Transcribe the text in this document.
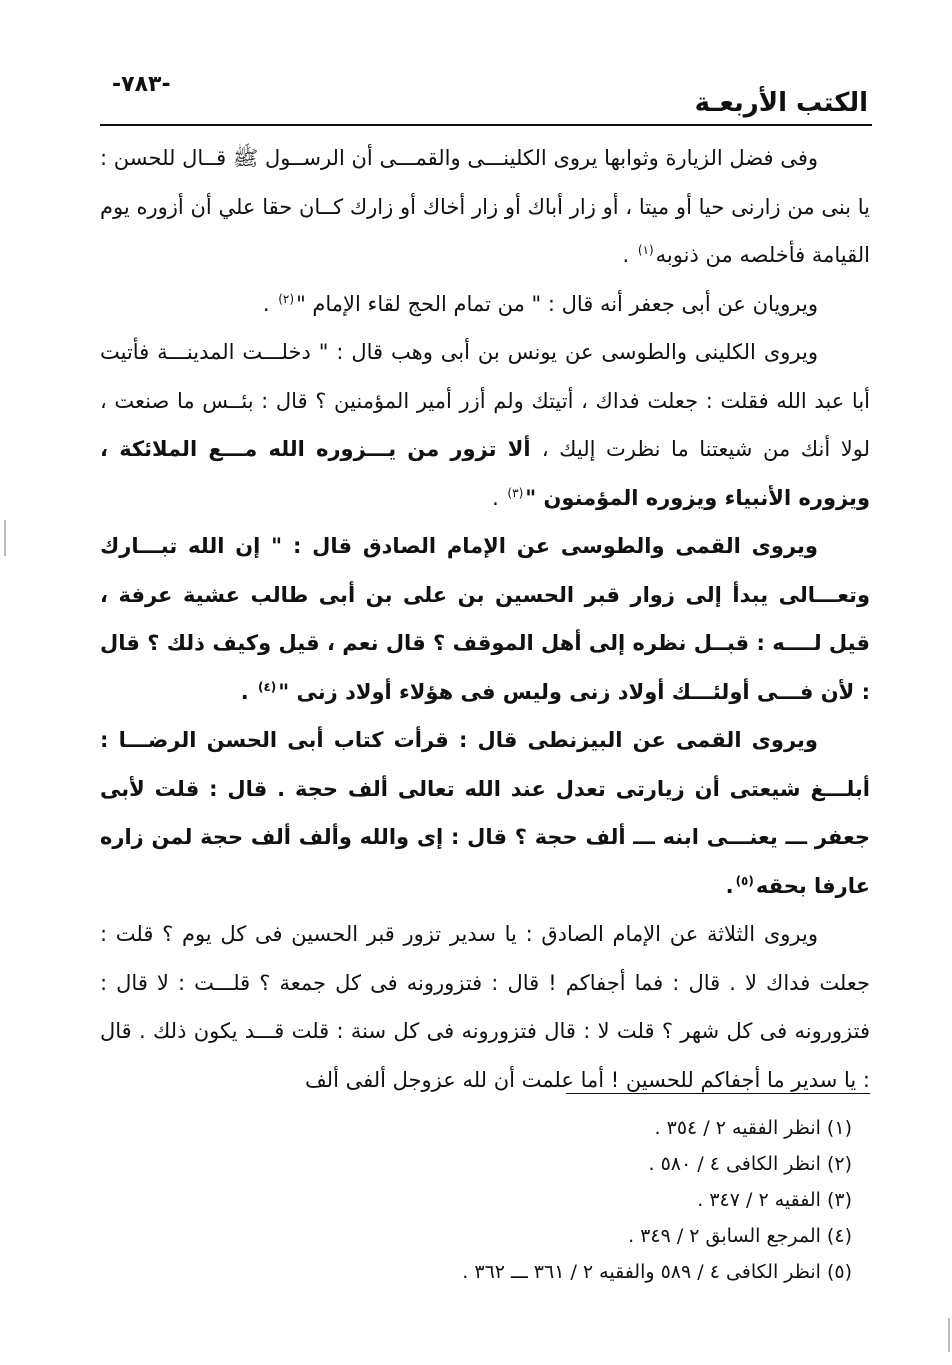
-٧٨٣-
الكتب الأربعـة

وفى فضل الزيارة وثوابها يروى الكلينـــى والقمـــى أن الرســول ﷺ قــال للحسن : يا بنى من زارنى حيا أو ميتا ، أو زار أباك أو زار أخاك أو زارك كــان حقا علي أن أزوره يوم القيامة فأخلصه من ذنوبه$^{(١)}$ .

ويرويان عن أبى جعفر أنه قال : " من تمام الحج لقاء الإمام "$^{(٢)}$ .

ويروى الكلينى والطوسى عن يونس بن أبى وهب قال : " دخلـــت المدينـــة فأتيت أبا عبد الله فقلت : جعلت فداك ، أتيتك ولم أزر أمير المؤمنين ؟ قال : بئــس ما صنعت ، لولا أنك من شيعتنا ما نظرت إليك ، ألا تزور من يـــزوره الله مـــع الملائكة ، ويزوره الأنبياء ويزوره المؤمنون "$^{(٣)}$ .

ويروى القمى والطوسى عن الإمام الصادق قال : " إن الله تبـــارك وتعـــالى يبدأ إلى زوار قبر الحسين بن على بن أبى طالب عشية عرفة ، قيل لــــه : قبــل نظره إلى أهل الموقف ؟ قال نعم ، قيل وكيف ذلك ؟ قال : لأن فـــى أولئـــك أولاد زنى وليس فى هؤلاء أولاد زنى "$^{(٤)}$ .

ويروى القمى عن البيزنطى قال : قرأت كتاب أبى الحسن الرضـــا : أبلـــغ شيعتى أن زيارتى تعدل عند الله تعالى ألف حجة . قال : قلت لأبى جعفر ـــ يعنـــى ابنه ـــ ألف حجة ؟ قال : إى والله وألف ألف حجة لمن زاره عارفا بحقه$^{(٥)}$.

ويروى الثلاثة عن الإمام الصادق : يا سدير تزور قبر الحسين فى كل يوم ؟ قلت : جعلت فداك لا . قال : فما أجفاكم ! قال : فتزورونه فى كل جمعة ؟ قلـــت : لا قال : فتزورونه فى كل شهر ؟ قلت لا : قال فتزورونه فى كل سنة : قلت قـــد يكون ذلك . قال : يا سدير ما أجفاكم للحسين ! أما علمت أن لله عزوجل ألفى ألف

(١) انظر الفقيه ٢ / ٣٥٤ .

(٢) انظر الكافى ٤ / ٥٨٠ .

(٣) الفقيه ٢ / ٣٤٧ .

(٤) المرجع السابق ٢ / ٣٤٩ .

(٥) انظر الكافى ٤ / ٥٨٩ والفقيه ٢ / ٣٦١ ـــ ٣٦٢ .
